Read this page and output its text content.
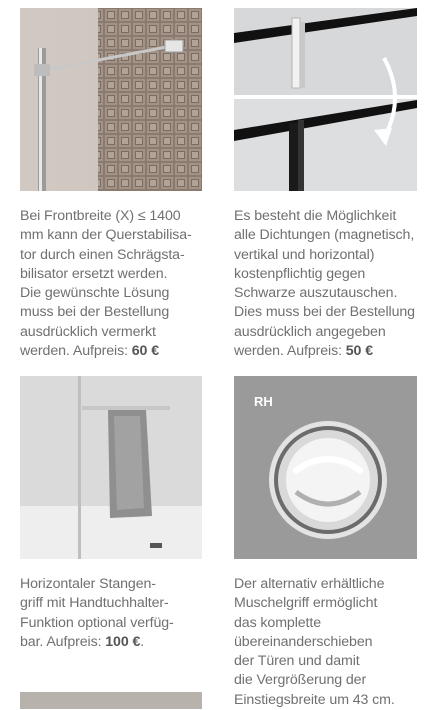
Bei Frontbreite (X) ≤ 1400
mm kann der Querstabilisa-
tor durch einen Schrägsta-
bilisator ersetzt werden.
Die gewünschte Lösung
muss bei der Bestellung
ausdrücklich vermerkt
werden. Aufpreis: 60 €
Es besteht die Möglichkeit
alle Dichtungen (magnetisch,
vertikal und horizontal)
kostenpflichtig gegen
Schwarze auszutauschen.
Dies muss bei der Bestellung
ausdrücklich angegeben
werden. Aufpreis: 50 €
RH
Horizontaler Stangen-
griff mit Handtuchhalter-
Funktion optional verfüg-
bar. Aufpreis: 100 €.
Der alternativ erhältliche
Muschelgriff ermöglicht
das komplette
übereinanderschieben
der Türen und damit
die Vergrößerung der
Einstiegsbreite um 43 cm.
